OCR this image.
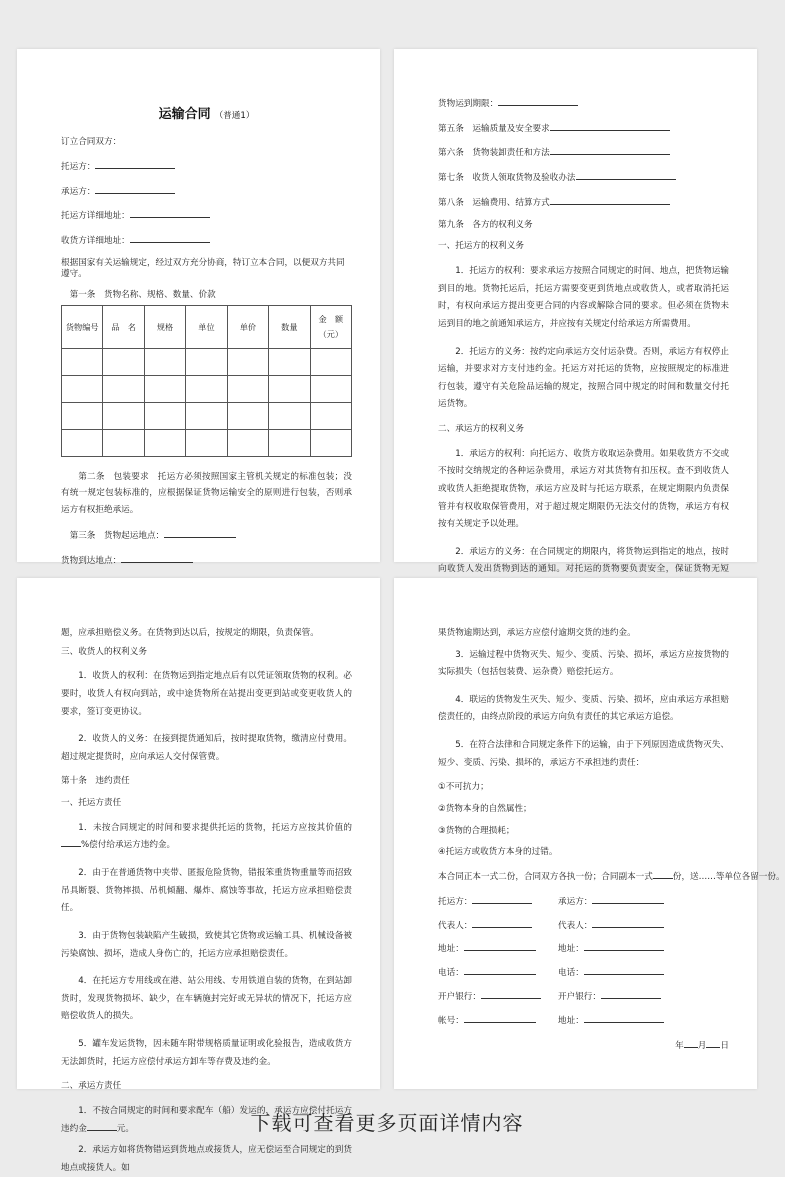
运输合同 （普通1）
订立合同双方：
托运方：
承运方：
托运方详细地址：
收货方详细地址：
根据国家有关运输规定，经过双方充分协商，特订立本合同，以便双方共同遵守。
第一条　货物名称、规格、数量、价款
货物编号	品　名	规格	单位	单价	数量	金　额（元）

第二条　包装要求　托运方必须按照国家主管机关规定的标准包装；没有统一规定包装标准的，应根据保证货物运输安全的原则进行包装，否则承运方有权拒绝承运。
第三条　货物起运地点：
货物到达地点：
货物运到期限：
第五条　运输质量及安全要求
第六条　货物装卸责任和方法
第七条　收货人领取货物及验收办法
第八条　运输费用、结算方式
第九条　各方的权利义务
一、托运方的权利义务
1．托运方的权利：要求承运方按照合同规定的时间、地点，把货物运输到目的地。货物托运后，托运方需要变更到货地点或收货人，或者取消托运时，有权向承运方提出变更合同的内容或解除合同的要求。但必须在货物未运到目的地之前通知承运方，并应按有关规定付给承运方所需费用。
2．托运方的义务：按约定向承运方交付运杂费。否则，承运方有权停止运输，并要求对方支付违约金。托运方对托运的货物，应按照规定的标准进行包装，遵守有关危险品运输的规定，按照合同中规定的时间和数量交付托运货物。
二、承运方的权利义务
1．承运方的权利：向托运方、收货方收取运杂费用。如果收货方不交或不按时交纳规定的各种运杂费用，承运方对其货物有扣压权。查不到收货人或收货人拒绝提取货物，承运方应及时与托运方联系，在规定期限内负责保管并有权收取保管费用，对于超过规定期限仍无法交付的货物，承运方有权按有关规定予以处理。
2．承运方的义务：在合同规定的期限内，将货物运到指定的地点，按时向收货人发出货物到达的通知。对托运的货物要负责安全，保证货物无短
题，应承担赔偿义务。在货物到达以后，按规定的期限，负责保管。
三、收货人的权利义务
1．收货人的权利：在货物运到指定地点后有以凭证领取货物的权利。必要时，收货人有权向到站，或中途货物所在站提出变更到站或变更收货人的要求，签订变更协议。
2．收货人的义务：在接到提货通知后，按时提取货物，缴清应付费用。超过规定提货时，应向承运人交付保管费。
第十条　违约责任
一、托运方责任
1．未按合同规定的时间和要求提供托运的货物，托运方应按其价值的%偿付给承运方违约金。
2．由于在普通货物中夹带、匿报危险货物，错报笨重货物重量等而招致吊具断裂、货物摔损、吊机倾翻、爆炸、腐蚀等事故，托运方应承担赔偿责任。
3．由于货物包装缺陷产生破损，致使其它货物或运输工具、机械设备被污染腐蚀、损坏，造成人身伤亡的，托运方应承担赔偿责任。
4．在托运方专用线或在港、站公用线、专用铁道自装的货物，在到站卸货时，发现货物损坏、缺少，在车辆施封完好或无异状的情况下，托运方应赔偿收货人的损失。
5．罐车发运货物，因未随车附带规格质量证明或化验报告，造成收货方无法卸货时，托运方应偿付承运方卸车等存费及违约金。
二、承运方责任
1．不按合同规定的时间和要求配车（船）发运的，承运方应偿付托运方违约金	元。
2．承运方如将货物错运到货地点或接货人，应无偿运至合同规定的到货地点或接货人。如
果货物逾期达到，承运方应偿付逾期交货的违约金。
3．运输过程中货物灭失、短少、变质、污染、损坏，承运方应按货物的实际损失（包括包装费、运杂费）赔偿托运方。
4．联运的货物发生灭失、短少、变质、污染、损坏，应由承运方承担赔偿责任的，由终点阶段的承运方向负有责任的其它承运方追偿。
5．在符合法律和合同规定条件下的运输，由于下列原因造成货物灭失、短少、变质、污染、损坏的，承运方不承担违约责任：
①不可抗力；
②货物本身的自然属性；
③货物的合理损耗；
④托运方或收货方本身的过错。
本合同正本一式二份，合同双方各执一份；合同副本一式 份，送……等单位各留一份。
托运方：	承运方：
代表人：	代表人：
地址：	地址：
电话：	电话：
开户银行：	开户银行：
帐号：	地址：
年 月 日
下载可查看更多页面详情内容
